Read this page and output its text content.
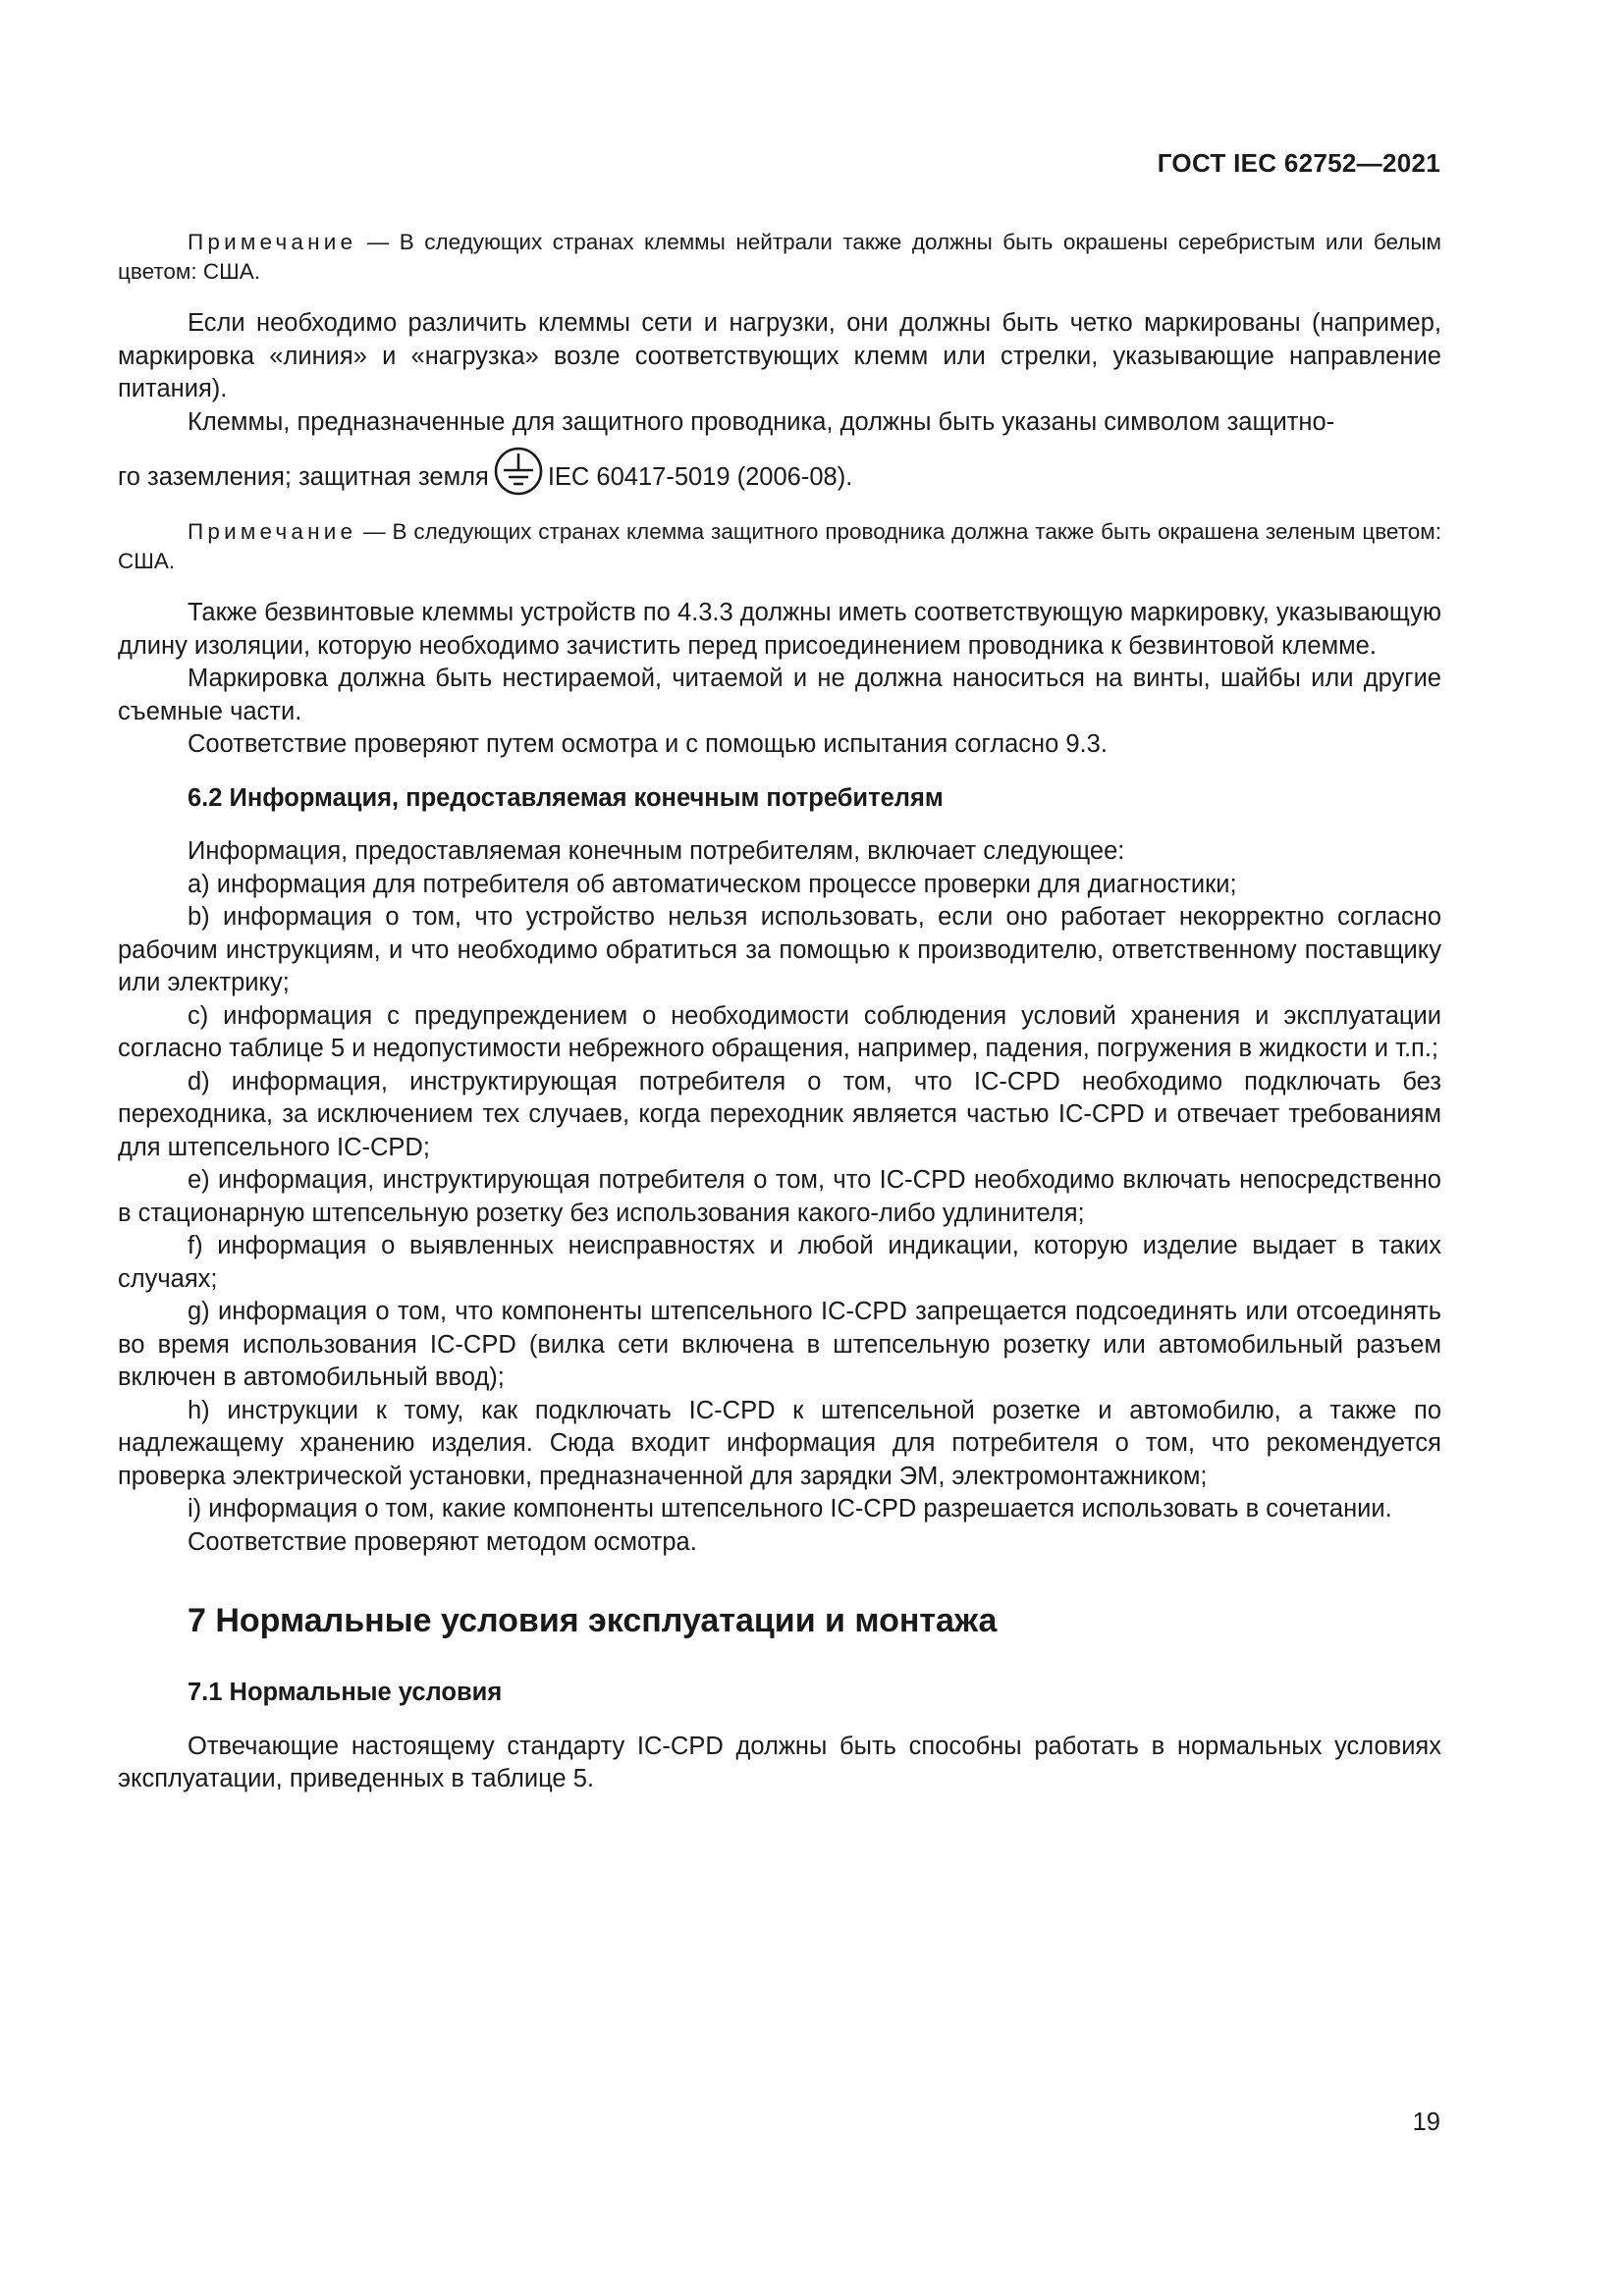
ГОСТ IEC 62752—2021

Примечание — В следующих странах клеммы нейтрали также должны быть окрашены серебристым или белым цветом: США.

Если необходимо различить клеммы сети и нагрузки, они должны быть четко маркированы (например, маркировка «линия» и «нагрузка» возле соответствующих клемм или стрелки, указывающие направление питания).

Клеммы, предназначенные для защитного проводника, должны быть указаны символом защитно-

го заземления; защитная земля IEC 60417-5019 (2006-08).

Примечание — В следующих странах клемма защитного проводника должна также быть окрашена зеленым цветом: США.

Также безвинтовые клеммы устройств по 4.3.3 должны иметь соответствующую маркировку, указывающую длину изоляции, которую необходимо зачистить перед присоединением проводника к безвинтовой клемме.

Маркировка должна быть нестираемой, читаемой и не должна наноситься на винты, шайбы или другие съемные части.

Соответствие проверяют путем осмотра и с помощью испытания согласно 9.3.

6.2 Информация, предоставляемая конечным потребителям

Информация, предоставляемая конечным потребителям, включает следующее:

a) информация для потребителя об автоматическом процессе проверки для диагностики;

b) информация о том, что устройство нельзя использовать, если оно работает некорректно согласно рабочим инструкциям, и что необходимо обратиться за помощью к производителю, ответственному поставщику или электрику;

c) информация с предупреждением о необходимости соблюдения условий хранения и эксплуатации согласно таблице 5 и недопустимости небрежного обращения, например, падения, погружения в жидкости и т.п.;

d) информация, инструктирующая потребителя о том, что IC-CPD необходимо подключать без переходника, за исключением тех случаев, когда переходник является частью IC-CPD и отвечает требованиям для штепсельного IC-CPD;

e) информация, инструктирующая потребителя о том, что IC-CPD необходимо включать непосредственно в стационарную штепсельную розетку без использования какого-либо удлинителя;

f) информация о выявленных неисправностях и любой индикации, которую изделие выдает в таких случаях;

g) информация о том, что компоненты штепсельного IC-CPD запрещается подсоединять или отсоединять во время использования IC-CPD (вилка сети включена в штепсельную розетку или автомобильный разъем включен в автомобильный ввод);

h) инструкции к тому, как подключать IC-CPD к штепсельной розетке и автомобилю, а также по надлежащему хранению изделия. Сюда входит информация для потребителя о том, что рекомендуется проверка электрической установки, предназначенной для зарядки ЭМ, электромонтажником;

i) информация о том, какие компоненты штепсельного IC-CPD разрешается использовать в сочетании.

Соответствие проверяют методом осмотра.

7 Нормальные условия эксплуатации и монтажа
7.1 Нормальные условия

Отвечающие настоящему стандарту IC-CPD должны быть способны работать в нормальных условиях эксплуатации, приведенных в таблице 5.

19
